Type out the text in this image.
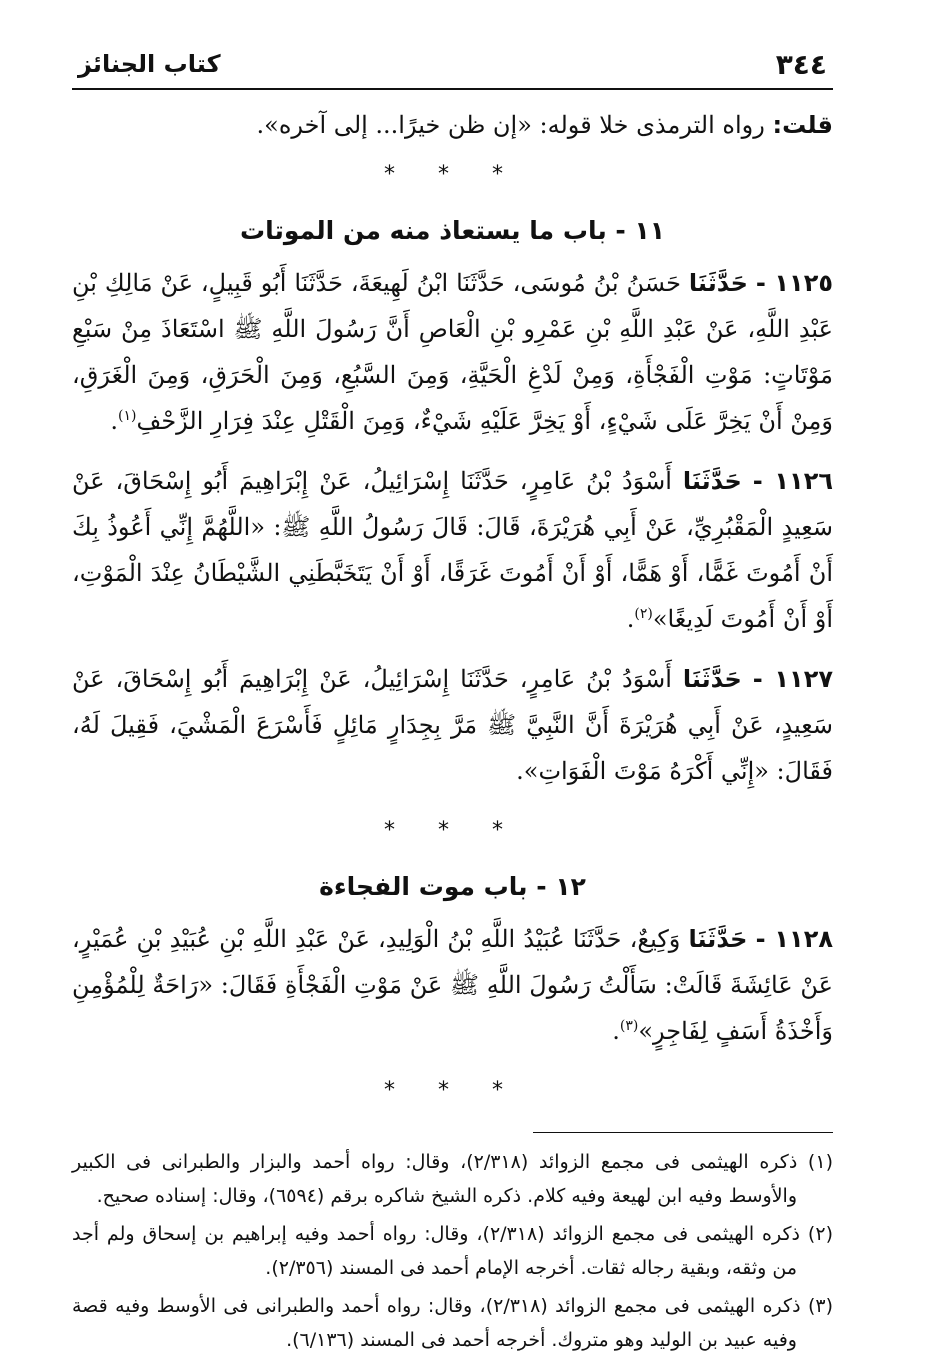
٣٤٤
كتاب الجنائز

قلت: رواه الترمذى خلا قوله: «إن ظن خيرًا... إلى آخره».

* * *
١١ - باب ما يستعاذ منه من الموتات

١١٢٥ - حَدَّثَنَا حَسَنُ بْنُ مُوسَى، حَدَّثَنَا ابْنُ لَهِيعَةَ، حَدَّثَنَا أَبُو قَبِيلٍ، عَنْ مَالِكِ بْنِ عَبْدِ اللَّهِ، عَنْ عَبْدِ اللَّهِ بْنِ عَمْرِو بْنِ الْعَاصِ أَنَّ رَسُولَ اللَّهِ ﷺ اسْتَعَاذَ مِنْ سَبْعِ مَوْتَاتٍ: مَوْتِ الْفَجْأَةِ، وَمِنْ لَدْغِ الْحَيَّةِ، وَمِنَ السَّبُعِ، وَمِنَ الْحَرَقِ، وَمِنَ الْغَرَقِ، وَمِنْ أَنْ يَخِرَّ عَلَى شَيْءٍ، أَوْ يَخِرَّ عَلَيْهِ شَيْءٌ، وَمِنَ الْقَتْلِ عِنْدَ فِرَارِ الزَّحْفِ$^{(١)}$.

١١٢٦ - حَدَّثَنَا أَسْوَدُ بْنُ عَامِرٍ، حَدَّثَنَا إِسْرَائِيلُ، عَنْ إِبْرَاهِيمَ أَبُو إِسْحَاقَ، عَنْ سَعِيدٍ الْمَقْبُرِيِّ، عَنْ أَبِي هُرَيْرَةَ، قَالَ: قَالَ رَسُولُ اللَّهِ ﷺ: «اللَّهُمَّ إِنِّي أَعُوذُ بِكَ أَنْ أَمُوتَ غَمًّا، أَوْ هَمًّا، أَوْ أَنْ أَمُوتَ غَرَقًا، أَوْ أَنْ يَتَخَبَّطَنِي الشَّيْطَانُ عِنْدَ الْمَوْتِ، أَوْ أَنْ أَمُوتَ لَدِيغًا»$^{(٢)}$.

١١٢٧ - حَدَّثَنَا أَسْوَدُ بْنُ عَامِرٍ، حَدَّثَنَا إِسْرَائِيلُ، عَنْ إِبْرَاهِيمَ أَبُو إِسْحَاقَ، عَنْ سَعِيدٍ، عَنْ أَبِي هُرَيْرَةَ أَنَّ النَّبِيَّ ﷺ مَرَّ بِجِدَارٍ مَائِلٍ فَأَسْرَعَ الْمَشْيَ، فَقِيلَ لَهُ، فَقَالَ: «إِنِّي أَكْرَهُ مَوْتَ الْفَوَاتِ».

* * *
١٢ - باب موت الفجاءة

١١٢٨ - حَدَّثَنَا وَكِيعٌ، حَدَّثَنَا عُبَيْدُ اللَّهِ بْنُ الْوَلِيدِ، عَنْ عَبْدِ اللَّهِ بْنِ عُبَيْدِ بْنِ عُمَيْرٍ، عَنْ عَائِشَةَ قَالَتْ: سَأَلْتُ رَسُولَ اللَّهِ ﷺ عَنْ مَوْتِ الْفَجْأَةِ فَقَالَ: «رَاحَةٌ لِلْمُؤْمِنِ وَأَخْذَةُ أَسَفٍ لِفَاجِرٍ»$^{(٣)}$.

* * *

(١) ذكره الهيثمى فى مجمع الزوائد (٢/٣١٨)، وقال: رواه أحمد والبزار والطبرانى فى الكبير والأوسط وفيه ابن لهيعة وفيه كلام. ذكره الشيخ شاكره برقم (٦٥٩٤)، وقال: إسناده صحيح.

(٢) ذكره الهيثمى فى مجمع الزوائد (٢/٣١٨)، وقال: رواه أحمد وفيه إبراهيم بن إسحاق ولم أجد من وثقه، وبقية رجاله ثقات. أخرجه الإمام أحمد فى المسند (٢/٣٥٦).

(٣) ذكره الهيثمى فى مجمع الزوائد (٢/٣١٨)، وقال: رواه أحمد والطبرانى فى الأوسط وفيه قصة وفيه عبيد بن الوليد وهو متروك. أخرجه أحمد فى المسند (٦/١٣٦).
